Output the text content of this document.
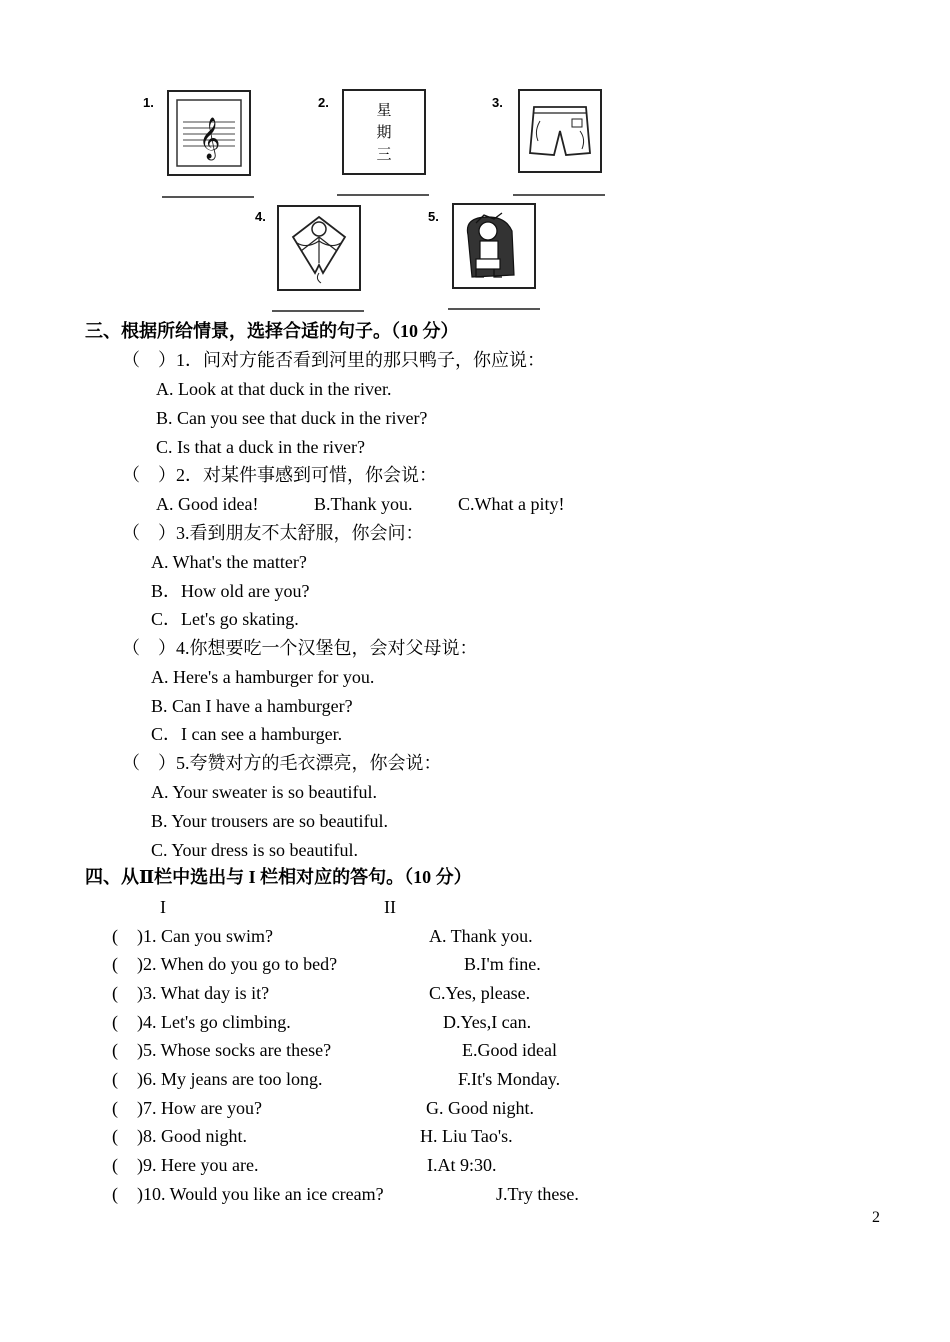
1.
𝄞
2.	星
期
三
3.
4.	5.
三、根据所给情景，选择合适的句子。（10 分）
（　）1．问对方能否看到河里的那只鸭子，你应说：
A. Look at that duck in the river.
B. Can you see that duck in the river?
C. Is that a duck in the river?
（　）2．对某件事感到可惜，你会说：
A. Good idea!	B.Thank you.	C.What a pity!
（　）3.看到朋友不太舒服，你会问：
A. What's the matter?
B．How old are you?
C．Let's go skating.
（　）4.你想要吃一个汉堡包，会对父母说：
A. Here's a hamburger for you.
B. Can I have a hamburger?
C．I can see a hamburger.
（　）5.夸赞对方的毛衣漂亮，你会说：
A. Your sweater is so beautiful.
B. Your trousers are so beautiful.
C. Your dress is so beautiful.
四、从Ⅱ栏中选出与 I 栏相对应的答句。（10 分）
I	II
( )1. Can you swim?	A. Thank you.
( )2. When do you go to bed?	B.I'm fine.
( )3. What day is it?	C.Yes, please.
( )4. Let's go climbing.	D.Yes,I can.
( )5. Whose socks are these?	E.Good ideal
( )6. My jeans are too long.	F.It's Monday.
( )7. How are you?	G. Good night.
( )8. Good night.	H. Liu Tao's.
( )9. Here you are.	I.At 9:30.
( )10. Would you like an ice cream?	J.Try these.
2
